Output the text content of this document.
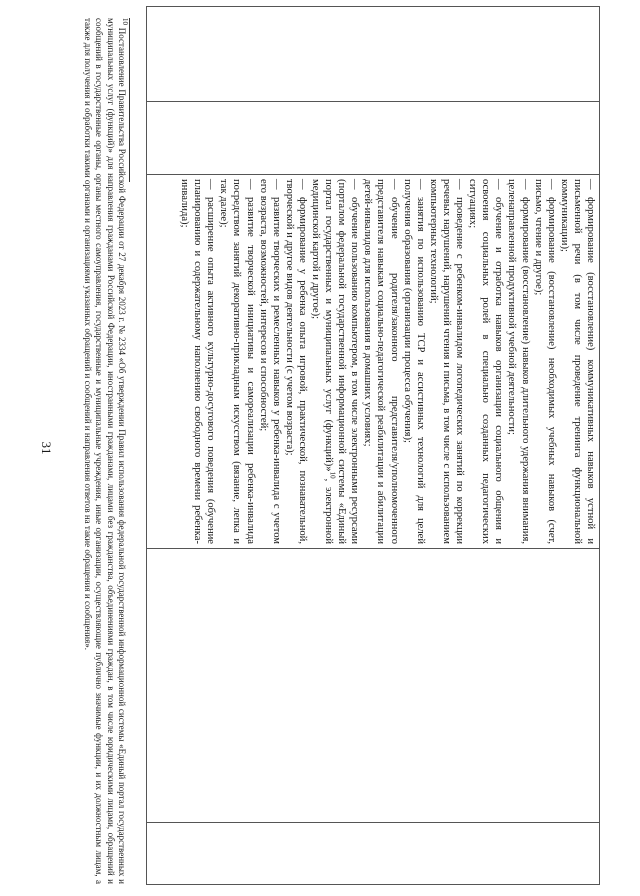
31

—формирование (восстановление) коммуникативных навыков устной и письменной речи (в том числе проведение тренинга функциональной коммуникации);

—формирование (восстановление) необходимых учебных навыков (счет, письмо, чтение и другое);

—формирование (восстановление) навыков длительного удержания внимания, целенаправленной продуктивной учебной деятельности;

—обучение и отработка навыков организации социального общения и освоения социальных ролей в специально созданных педагогических ситуациях;

—проведение с ребенком-инвалидом логопедических занятий по коррекции речевых нарушений, нарушений чтения и письма, в том числе с использованием компьютерных технологий;

—занятия по использованию ТСР и ассистивных технологий для целей получения образования (организации процесса обучения);

—обучение родителя/законного представителя/уполномоченного представителя навыкам социально-педагогической реабилитации и абилитации детей-инвалидов для использования в домашних условиях;

—обучение пользованию компьютером, в том числе электронными ресурсами (порталом федеральной государственной информационной системы «Единый портал государственных и муниципальных услуг (функций)»$^{10}$, электронной медицинской картой и другое);

—формирование у ребенка опыта игровой, практической, познавательной, творческой и другое видов деятельности (с учетом возраста);

—развитие творческих и ремесленных навыков у ребенка-инвалида с учетом его возраста, возможностей, интересов и способностей;

—развитие творческой инициативы и самореализации ребенка-инвалида посредством занятий декоративно-прикладным искусством (вязание, лепка и так далее);

—расширение опыта активного культурно-досугового поведения (обучение планированию и содержательному наполнению свободного времени ребенка-инвалида);

$^{10}$ Постановление Правительства Российской Федерации от 27 декабря 2023 г. № 2334 «Об утверждении Правил использования федеральной государственной информационной системы «Единый портал государственных и муниципальных услуг (функций)» для направления гражданами Российской Федерации, иностранными гражданами, лицами без гражданства, объединениями граждан, в том числе юридическими лицами, обращений и сообщений в государственные органы, органы местного самоуправления, государственные и муниципальные учреждения, иные организации, осуществляющие публично значимые функции, и их должностным лицам, а также для получения и обработки такими органами и организациями указанных обращений и сообщений и направления ответов на такие обращения и сообщения».
